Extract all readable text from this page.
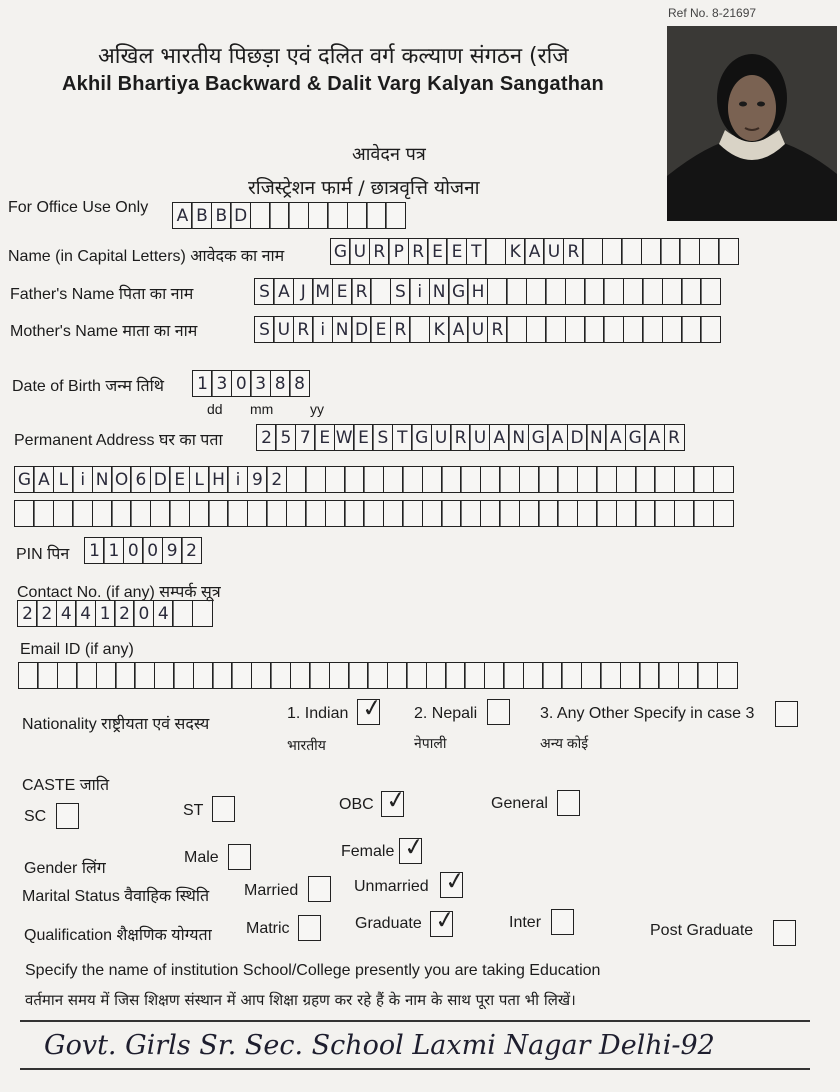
Ref No. 8-21697
अखिल भारतीय पिछड़ा एवं दलित वर्ग कल्याण संगठन (रजि
Akhil Bhartiya Backward & Dalit Varg Kalyan Sangathan
आवेदन पत्र
रजिस्ट्रेशन फार्म / छात्रवृत्ति योजना
For Office Use Only A B B D
Name (in Capital Letters) आवेदक का नाम	G U R P R E E T	K A U R
Father's Name पिता का नाम	S A J M E R S i N G H
Mother's Name माता का नाम	S U R i N D E R K A U R
Date of Birth जन्म तिथि 1 3 0 3 8 8
dd mm	yy
Permanent Address घर का पता 2 5 7 E W E S T G U R U A N G A D N A G A R
G A L i N O 6 D E L H i 9 2
PIN पिन 1 1 0 0 9 2
Contact No. (if any) सम्पर्क सूत्र
2 2 4 4 1 2 0 4
Email ID (if any)
Nationality राष्ट्रीयता एवं सदस्य
1. Indian ✓
भारतीय
2. Nepali
नेपाली
3. Any Other Specify in case 3
अन्य कोई
CASTE जाति
SC	ST	OBC ✓	General
Gender लिंग
Male	Female ✓
Marital Status वैवाहिक स्थिति Married	Unmarried ✓
Qualification शैक्षणिक योग्यता Matric	Graduate ✓	Inter	Post Graduate
Specify the name of institution School/College presently you are taking Education
वर्तमान समय में जिस शिक्षण संस्थान में आप शिक्षा ग्रहण कर रहे हैं के नाम के साथ पूरा पता भी लिखें।
Govt. Girls Sr. Sec. School Laxmi Nagar Delhi-92
